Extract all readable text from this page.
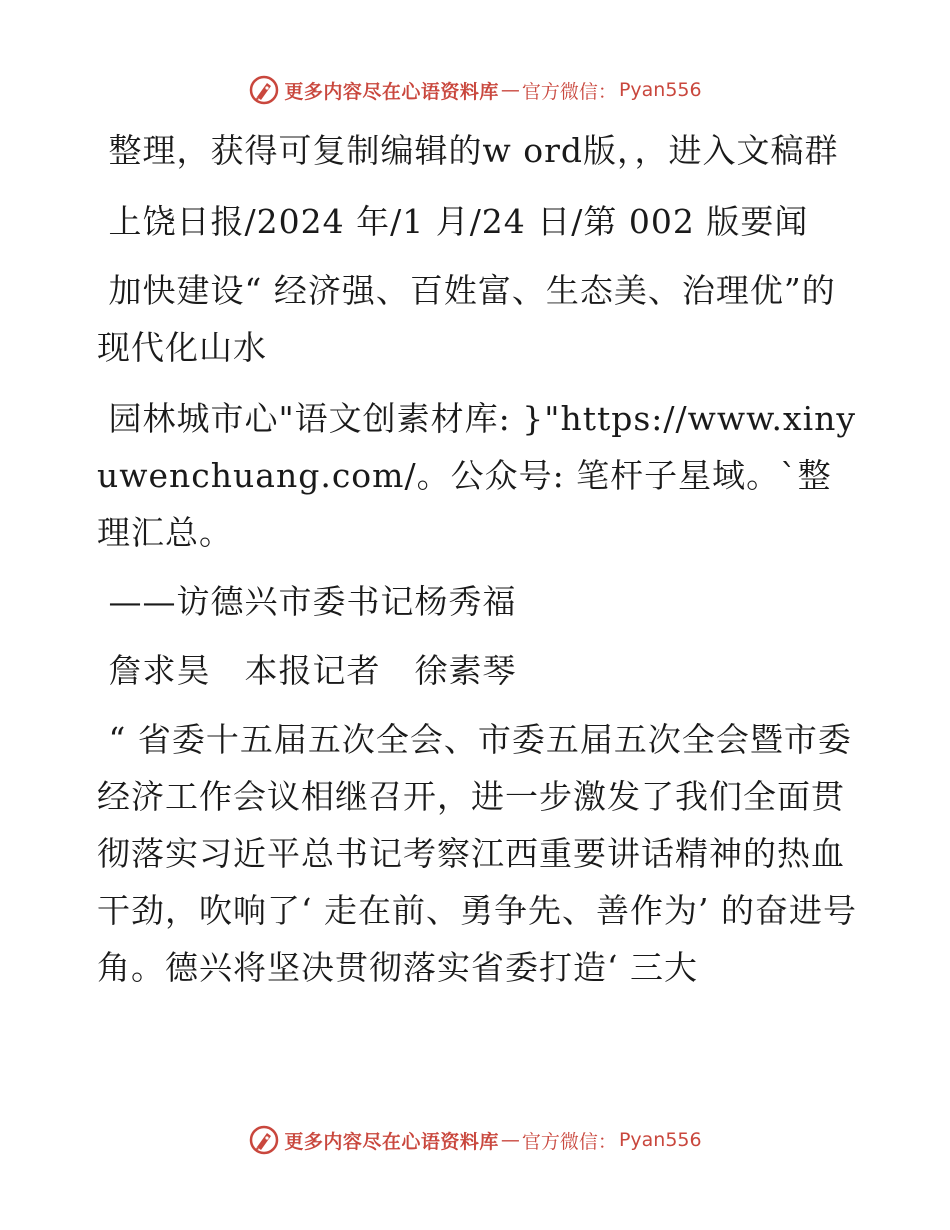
更多内容尽在心语资料库 — 官方微信： Pyan556

整理，获得可复制编辑的w ord版，，进入文稿群

上饶日报/2024 年/1 月/24 日/第 002 版要闻

加快建设“ 经济强、百姓富、生态美、治理优”的现代化山水

园林城市心"语文创素材库: }"https://www.xinyuwenchuang.com/。公众号: 笔杆子星域。`整理汇总。

——访德兴市委书记杨秀福

詹求昊　本报记者　徐素琴

“ 省委十五届五次全会、市委五届五次全会暨市委经济工作会议相继召开，进一步激发了我们全面贯彻落实习近平总书记考察江西重要讲话精神的热血干劲，吹响了‘ 走在前、勇争先、善作为’ 的奋进号角。德兴将坚决贯彻落实省委打造‘ 三大

更多内容尽在心语资料库 — 官方微信： Pyan556
